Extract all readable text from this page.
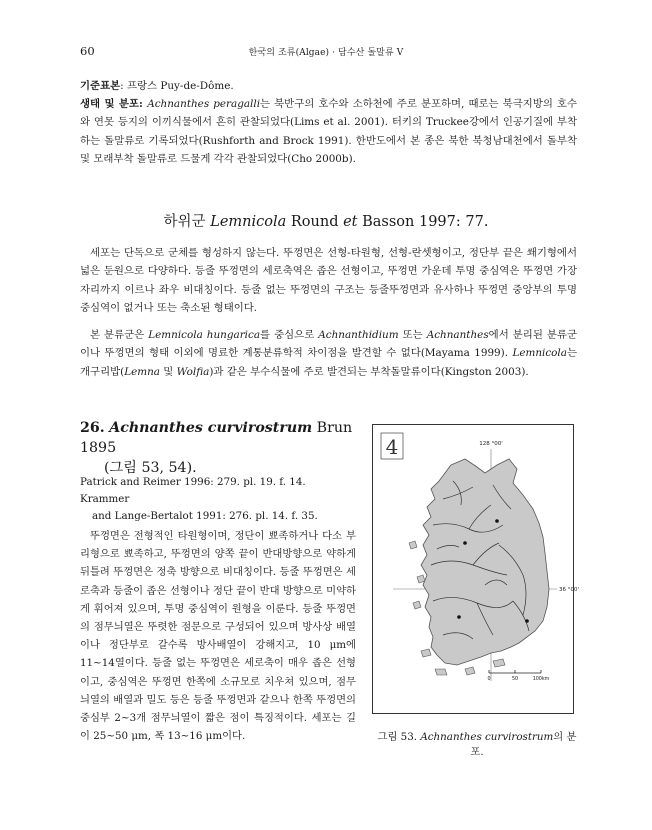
60	한국의 조류(Algae) · 담수산 돌말류 V

기준표본: 프랑스 Puy-de-Dôme.

생태 및 분포: Achnanthes peragalli는 북반구의 호수와 소하천에 주로 분포하며, 때로는 북극지방의 호수와 연못 등지의 이끼식물에서 흔히 관찰되었다(Lims et al. 2001). 터키의 Truckee강에서 인공기질에 부착하는 돌말류로 기록되었다(Rushforth and Brock 1991). 한반도에서 본 종은 북한 북청남대천에서 돌부착 및 모래부착 돌말류로 드물게 각각 관찰되었다(Cho 2000b).

하위군 Lemnicola Round et Basson 1997: 77.

세포는 단독으로 군체를 형성하지 않는다. 뚜껑면은 선형-타원형, 선형-란셋형이고, 정단부 끝은 쐐기형에서 넓은 둔원으로 다양하다. 등줄 뚜껑면의 세로축역은 좁은 선형이고, 뚜껑면 가운데 투명 중심역은 뚜껑면 가장자리까지 이르나 좌우 비대칭이다. 등줄 없는 뚜껑면의 구조는 등줄뚜껑면과 유사하나 뚜껑면 중앙부의 투명 중심역이 없거나 또는 축소된 형태이다.

본 분류군은 Lemnicola hungarica를 중심으로 Achnanthidium 또는 Achnanthes에서 분리된 분류군이나 뚜껑면의 형태 이외에 명료한 계통분류학적 차이점을 발견할 수 없다(Mayama 1999). Lemnicola는 개구리밥(Lemna 및 Wolfia)과 같은 부수식물에 주로 발견되는 부착돌말류이다(Kingston 2003).

26. Achnanthes curvirostrum Brun 1895
(그림 53, 54).
Patrick and Reimer 1996: 279. pl. 19. f. 14. Krammer
and Lange-Bertalot 1991: 276. pl. 14. f. 35.

뚜껑면은 전형적인 타원형이며, 정단이 뾰족하거나 다소 부리형으로 뾰족하고, 뚜껑면의 양쪽 끝이 반대방향으로 약하게 뒤틀려 뚜껑면은 정축 방향으로 비대칭이다. 등줄 뚜껑면은 세로축과 등줄이 좁은 선형이나 정단 끝이 반대 방향으로 미약하게 휘어져 있으며, 투명 중심역이 원형을 이룬다. 등줄 뚜껑면의 점무늬열은 뚜렷한 점문으로 구성되어 있으며 방사상 배열이나 정단부로 갈수록 방사배열이 강해지고, 10 μm에 11~14열이다. 등줄 없는 뚜껑면은 세로축이 매우 좁은 선형이고, 중심역은 뚜껑면 한쪽에 소규모로 치우쳐 있으며, 점무늬열의 배열과 밀도 등은 등줄 뚜껑면과 같으나 한쪽 뚜껑면의 중심부 2~3개 점무늬열이 짧은 점이 특징적이다. 세포는 길이 25~50 μm, 폭 13~16 μm이다.

4	128 °00'
36 °00'
0	50	100km
그림 53. Achnanthes curvirostrum의 분포.
